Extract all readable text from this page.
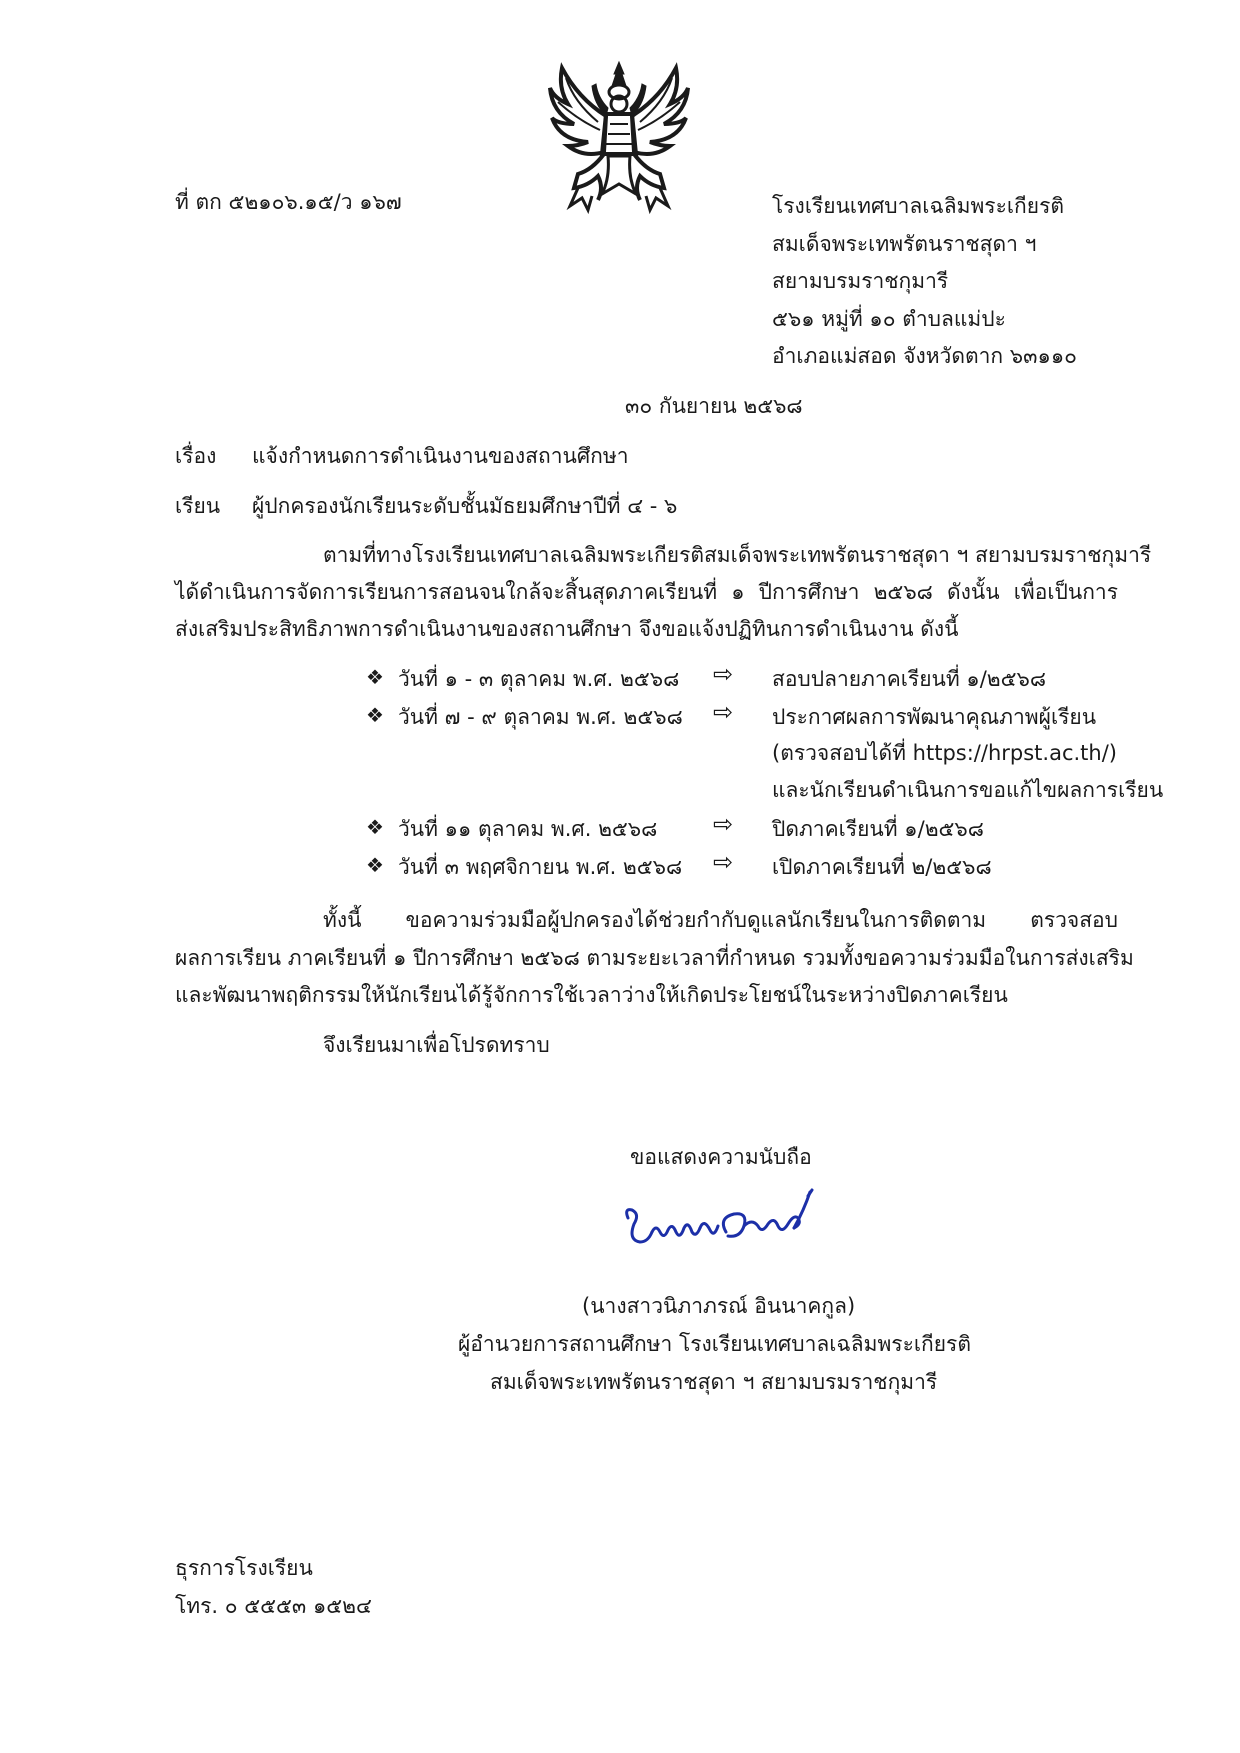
ที่ ตก ๕๒๑๐๖.๑๕/ว ๑๖๗	โรงเรียนเทศบาลเฉลิมพระเกียรติ
สมเด็จพระเทพรัตนราชสุดา ฯ
สยามบรมราชกุมารี
๕๖๑ หมู่ที่ ๑๐ ตำบลแม่ปะ
อำเภอแม่สอด จังหวัดตาก ๖๓๑๑๐
๓๐ กันยายน ๒๕๖๘
เรื่อง แจ้งกำหนดการดำเนินงานของสถานศึกษา
เรียน ผู้ปกครองนักเรียนระดับชั้นมัธยมศึกษาปีที่ ๔ - ๖
ตามที่ทางโรงเรียนเทศบาลเฉลิมพระเกียรติสมเด็จพระเทพรัตนราชสุดา ฯ สยามบรมราชกุมารี
ได้ดำเนินการจัดการเรียนการสอนจนใกล้จะสิ้นสุดภาคเรียนที่ ๑ ปีการศึกษา ๒๕๖๘ ดังนั้น เพื่อเป็นการ
ส่งเสริมประสิทธิภาพการดำเนินงานของสถานศึกษา จึงขอแจ้งปฏิทินการดำเนินงาน ดังนี้
❖ วันที่ ๑ - ๓ ตุลาคม พ.ศ. ๒๕๖๘ ⇨ สอบปลายภาคเรียนที่ ๑/๒๕๖๘
❖ วันที่ ๗ - ๙ ตุลาคม พ.ศ. ๒๕๖๘ ⇨ ประกาศผลการพัฒนาคุณภาพผู้เรียน
(ตรวจสอบได้ที่ https://hrpst.ac.th/)
และนักเรียนดำเนินการขอแก้ไขผลการเรียน
❖ วันที่ ๑๑ ตุลาคม พ.ศ. ๒๕๖๘ ⇨ ปิดภาคเรียนที่ ๑/๒๕๖๘
❖ วันที่ ๓ พฤศจิกายน พ.ศ. ๒๕๖๘ ⇨ เปิดภาคเรียนที่ ๒/๒๕๖๘
ทั้งนี้ ขอความร่วมมือผู้ปกครองได้ช่วยกำกับดูแลนักเรียนในการติดตาม ตรวจสอบ
ผลการเรียน ภาคเรียนที่ ๑ ปีการศึกษา ๒๕๖๘ ตามระยะเวลาที่กำหนด รวมทั้งขอความร่วมมือในการส่งเสริม
และพัฒนาพฤติกรรมให้นักเรียนได้รู้จักการใช้เวลาว่างให้เกิดประโยชน์ในระหว่างปิดภาคเรียน
จึงเรียนมาเพื่อโปรดทราบ
ขอแสดงความนับถือ
(นางสาวนิภาภรณ์ อินนาคกูล)
ผู้อำนวยการสถานศึกษา โรงเรียนเทศบาลเฉลิมพระเกียรติ
สมเด็จพระเทพรัตนราชสุดา ฯ สยามบรมราชกุมารี
ธุรการโรงเรียน
โทร. ๐ ๕๕๕๓ ๑๕๒๔
